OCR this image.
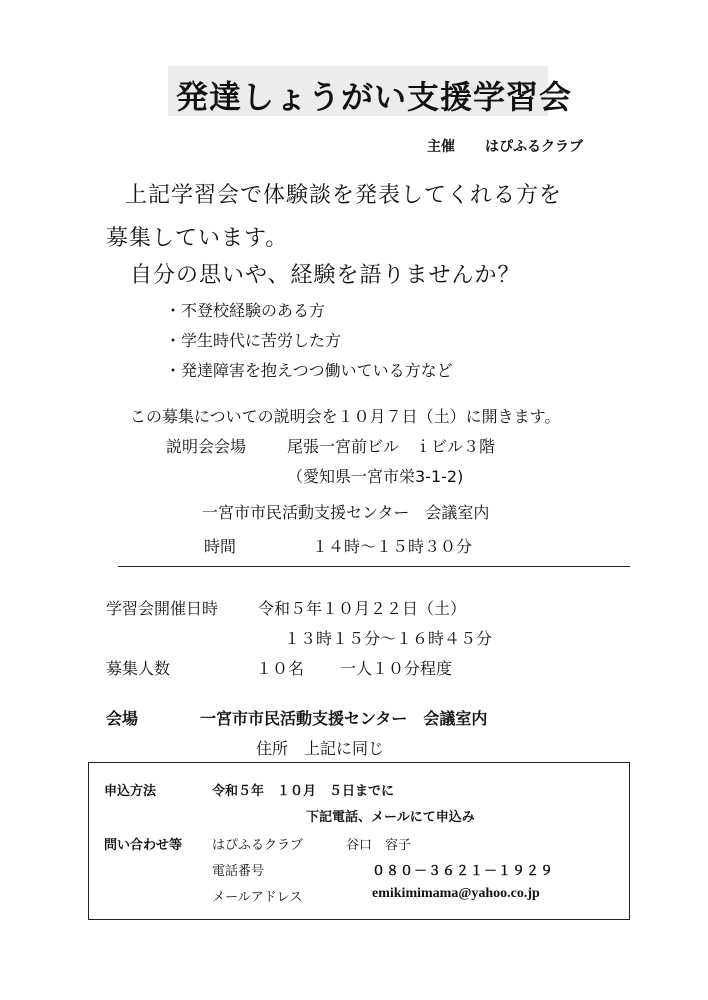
発達しょうがい支援学習会
主催 はぴふるクラブ
上記学習会で体験談を発表してくれる方を
募集しています。
自分の思いや、経験を語りませんか？
・不登校経験のある方
・学生時代に苦労した方
・発達障害を抱えつつ働いている方など
この募集についての説明会を１０月７日（土）に開きます。
説明会会場	尾張一宮前ビル　ｉビル３階
（愛知県一宮市栄3-1-2)
一宮市市民活動支援センター　会議室内
時間	１４時～１５時３０分
学習会開催日時 令和５年１０月２２日（土）
１３時１５分～１６時４５分
募集人数	１０名 一人１０分程度
会場	一宮市市民活動支援センター　会議室内
住所　上記に同じ
申込方法	令和５年　１０月　５日までに
下記電話、メールにて申込み
問い合わせ等 はぴふるクラブ	谷口　容子
電話番号	０８０－３６２１－１９２９
メールアドレス	emikimimama@yahoo.co.jp
